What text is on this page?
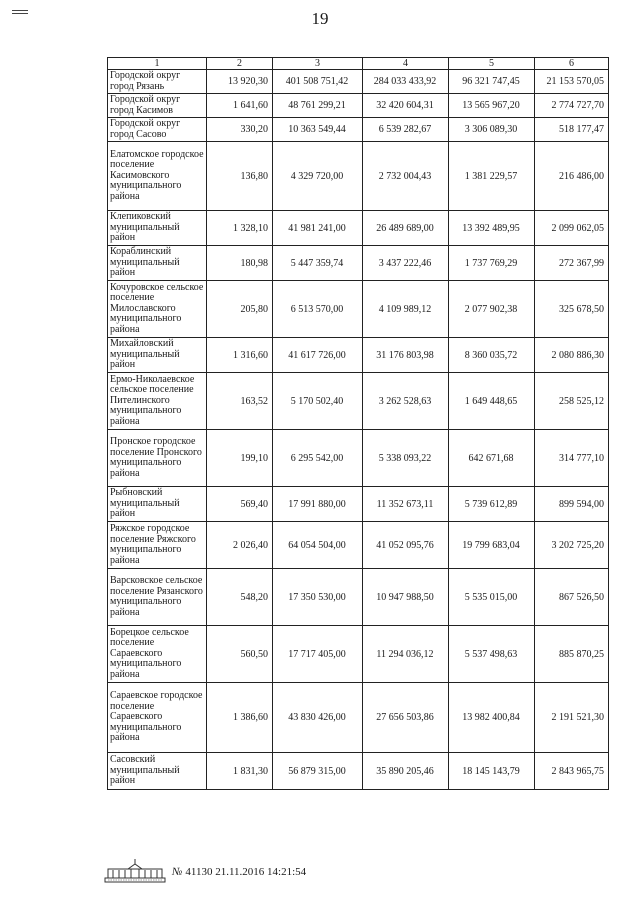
19
1	2	3	4	5	6
Городской округ город Рязань	13 920,30	401 508 751,42	284 033 433,92	96 321 747,45	21 153 570,05
Городской округ город Касимов	1 641,60	48 761 299,21	32 420 604,31	13 565 967,20	2 774 727,70
Городской округ город Сасово	330,20	10 363 549,44	6 539 282,67	3 306 089,30	518 177,47
Елатомское городское поселение Касимовского муниципального района	136,80	4 329 720,00	2 732 004,43	1 381 229,57	216 486,00
Клепиковский муниципальный район	1 328,10	41 981 241,00	26 489 689,00	13 392 489,95	2 099 062,05
Кораблинский муниципальный район	180,98	5 447 359,74	3 437 222,46	1 737 769,29	272 367,99
Кочуровское сельское поселение Милославского муниципального района	205,80	6 513 570,00	4 109 989,12	2 077 902,38	325 678,50
Михайловский муниципальный район	1 316,60	41 617 726,00	31 176 803,98	8 360 035,72	2 080 886,30
Ермо-Николаевское сельское поселение Пителинского муниципального района	163,52	5 170 502,40	3 262 528,63	1 649 448,65	258 525,12
Пронское городское поселение Пронского муниципального района	199,10	6 295 542,00	5 338 093,22	642 671,68	314 777,10
Рыбновский муниципальный район	569,40	17 991 880,00	11 352 673,11	5 739 612,89	899 594,00
Ряжское городское поселение Ряжского муниципального района	2 026,40	64 054 504,00	41 052 095,76	19 799 683,04	3 202 725,20
Варсковское сельское поселение Рязанского муниципального района	548,20	17 350 530,00	10 947 988,50	5 535 015,00	867 526,50
Борецкое сельское поселение Сараевского муниципального района	560,50	17 717 405,00	11 294 036,12	5 537 498,63	885 870,25
Сараевское городское поселение Сараевского муниципального района	1 386,60	43 830 426,00	27 656 503,86	13 982 400,84	2 191 521,30
Сасовский муниципальный район	1 831,30	56 879 315,00	35 890 205,46	18 145 143,79	2 843 965,75
№ 41130 21.11.2016 14:21:54
